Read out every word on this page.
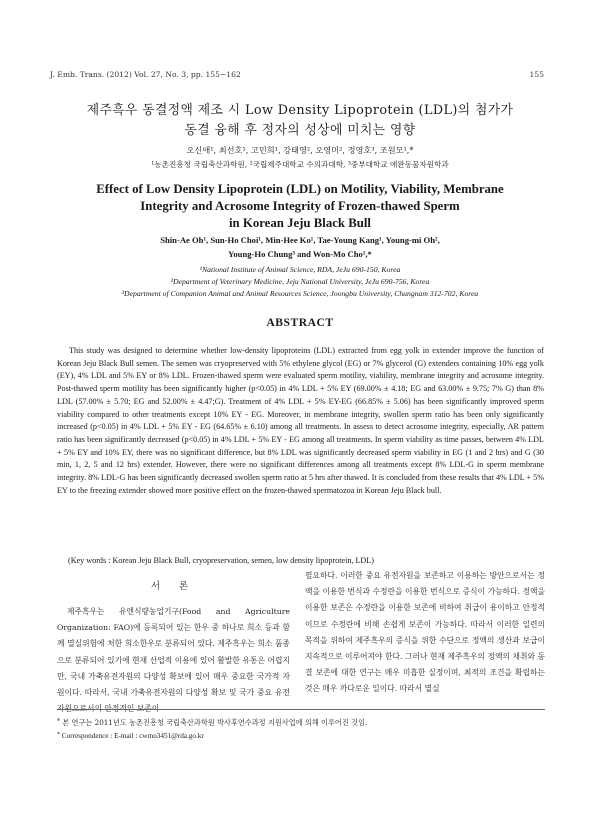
J. Emb. Trans. (2012) Vol. 27, No. 3, pp. 155~162	155
제주흑우 동결정액 제조 시 Low Density Lipoprotein (LDL)의 첨가가
동결 융해 후 정자의 성상에 미치는 영향
오신애¹, 최선호¹, 고민희¹, 강태영², 오영미², 정영호³, 조원모¹,*
¹농촌진흥청 국립축산과학원, ²국립제주대학교 수의과대학, ³중부대학교 애완동물자원학과
Effect of Low Density Lipoprotein (LDL) on Motility, Viability, Membrane
Integrity and Acrosome Integrity of Frozen-thawed Sperm
in Korean Jeju Black Bull
Shin-Ae Oh¹, Sun-Ho Choi¹, Min-Hee Ko¹, Tae-Young Kang¹, Young-mi Oh²,
Young-Ho Chung³ and Won-Mo Cho¹,*
¹National Institute of Animal Science, RDA, JeJu 690-150, Korea
²Department of Veterinary Medicine, Jeju National University, JeJu 690-756, Korea
³Department of Companion Animal and Animal Resources Science, Joongbu University, Chungnam 312-702, Korea
ABSTRACT
This study was designed to determine whether low-density lipoproteins (LDL) extracted from egg yolk in extender improve the function of Korean Jeju Black Bull semen. The semen was cryopreserved with 5% ethylene glycol (EG) or 7% glycerol (G) extenders containing 10% egg yolk (EY), 4% LDL and 5% EY or 8% LDL. Frozen-thawed sperm were evaluated sperm motility, viability, membrane integrity and acrosome integrity. Post-thawed sperm motility has been significantly higher (p<0.05) in 4% LDL + 5% EY (69.00% ± 4.18; EG and 63.00% ± 9.75; 7% G) than 8% LDL (57.00% ± 5.70; EG and 52.00% ± 4.47;G). Treatment of 4% LDL + 5% EY-EG (66.85% ± 5.06) has been significantly improved sperm viability compared to other treatments except 10% EY - EG. Moreover, in membrane integrity, swollen sperm ratio has been only significantly increased (p<0.05) in 4% LDL + 5% EY - EG (64.65% ± 6.10) among all treatments. In assess to detect acrosome integrity, especially, AR pattern ratio has been significantly decreased (p<0.05) in 4% LDL + 5% EY - EG among all treatments. In sperm viability as time passes, between 4% LDL + 5% EY and 10% EY, there was no significant difference, but 8% LDL was significantly decreased sperm viability in EG (1 and 2 hrs) and G (30 min, 1, 2, 5 and 12 hrs) extender. However, there were no significant differences among all treatments except 8% LDL-G in sperm membrane integrity. 8% LDL-G has been significantly decreased swollen sperm ratio at 5 hrs after thawed. It is concluded from these results that 4% LDL + 5% EY to the freezing extender showed more positive effect on the frozen-thawed spermatozoa in Korean Jeju Black bull.
(Key words : Korean Jeju Black Bull, cryopreservation, semen, low density lipoprotein, LDL)
서 론

제주흑우는 유엔식량농업기구(Food and Agriculture Organization: FAO)에 등록되어 있는 한우 중 하나로 희소 등과 함께 멸실위험에 처한 희소한우로 분류되어 있다. 제주흑우는 희소 품종으로 분류되어 있기에 현재 산업적 이용에 있어 활발한 유통은 어렵지만, 국내 가축유전자원의 다양성 확보에 있어 매우 중요한 국가적 자원이다. 따라서, 국내 가축유전자원의 다양성 확보 및 국가 중요 유전자원으로서의 안정적인 보존이

필요하다. 이러한 중요 유전자원을 보존하고 이용하는 방안으로서는 정액을 이용한 번식과 수정란을 이용한 번식으로 증식이 가능하다. 정액을 이용한 보존은 수정란을 이용한 보존에 비하여 취급이 용이하고 안정적이므로 수정란에 비해 손쉽게 보존이 가능하다. 따라서 이러한 일련의 목적을 위하여 제주흑우의 증식을 위한 수단으로 정액의 생산과 보급이 지속적으로 이루어져야 한다. 그러나 현재 제주흑우의 정액의 채취와 동결 보존에 대한 연구는 매우 미흡한 실정이며, 최적의 조건을 확립하는 것은 매우 까다로운 일이다. 따라서 멸실

* 본 연구는 2011년도 농촌진흥청 국립축산과학원 박사후연수과정 지원사업에 의해 이루어진 것임.
* Correspondence : E-mail : cwmo3451@rda.go.kr
